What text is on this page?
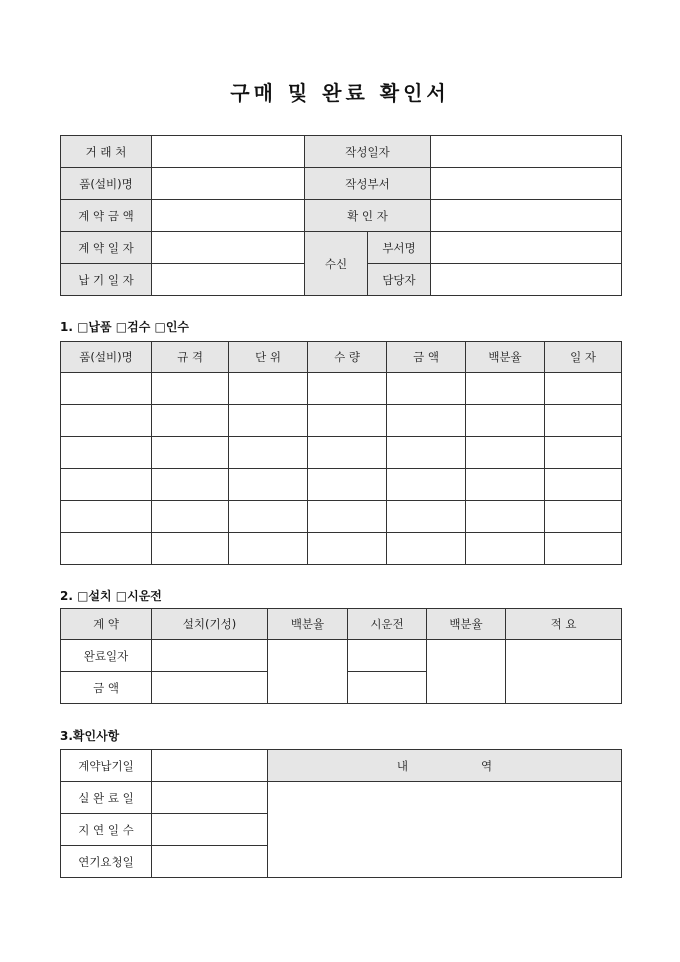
구매 및 완료 확인서
거 래 처		작성일자		
품(설비)명		작성부서		
계 약 금 액		확 인 자		
계 약 일 자		수신	부서명	
납 기 일 자			담당자	
1. □납품 □검수 □인수
품(설비)명	규 격	단 위	수 량	금 액	백분율	일 자

2. □설치 □시운전
계 약	설치(기성)	백분율	시운전	백분율	적 요
완료일자					
금 액					
3.확인사항
계약납기일		내                    역
실 완 료 일		
지 연 일 수		
연기요청일		
